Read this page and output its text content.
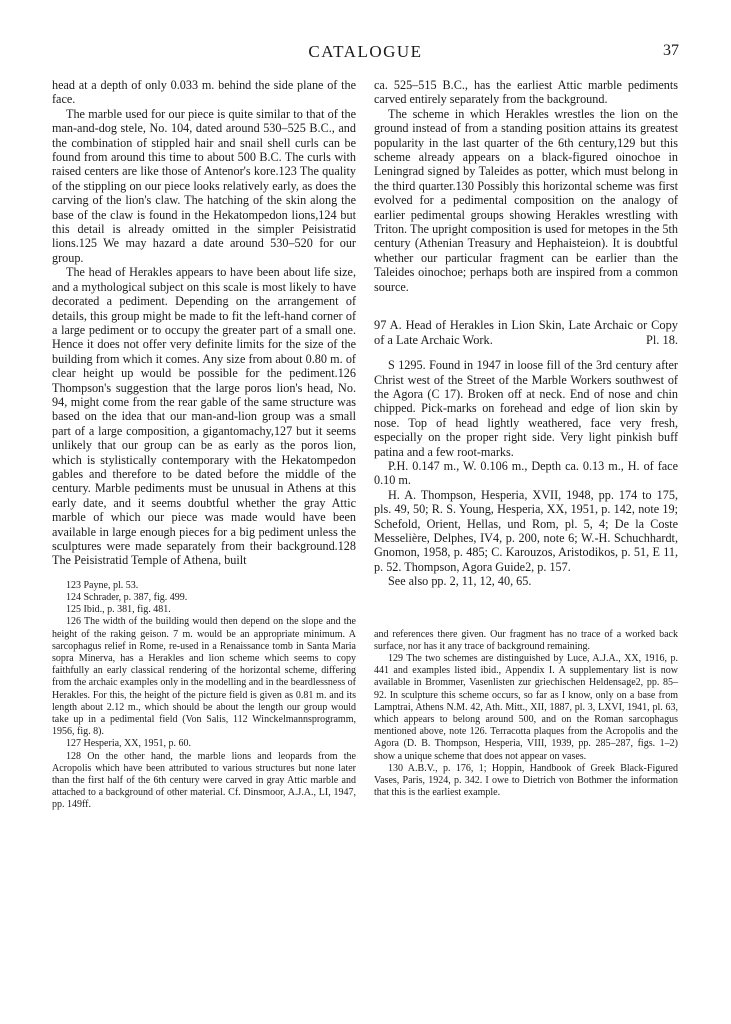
CATALOGUE	37

head at a depth of only 0.033 m. behind the side plane of the face.

The marble used for our piece is quite similar to that of the man-and-dog stele, No. 104, dated around 530–525 B.C., and the combination of stippled hair and snail shell curls can be found from around this time to about 500 B.C. The curls with raised centers are like those of Antenor's kore.123 The quality of the stippling on our piece looks relatively early, as does the carving of the lion's claw. The hatching of the skin along the base of the claw is found in the Hekatompedon lions,124 but this detail is already omitted in the simpler Peisistratid lions.125 We may hazard a date around 530–520 for our group.

The head of Herakles appears to have been about life size, and a mythological subject on this scale is most likely to have decorated a pediment. Depending on the arrangement of details, this group might be made to fit the left-hand corner of a large pediment or to occupy the greater part of a small one. Hence it does not offer very definite limits for the size of the building from which it comes. Any size from about 0.80 m. of clear height up would be possible for the pediment.126 Thompson's suggestion that the large poros lion's head, No. 94, might come from the rear gable of the same structure was based on the idea that our man-and-lion group was a small part of a large composition, a gigantomachy,127 but it seems unlikely that our group can be as early as the poros lion, which is stylistically contemporary with the Hekatompedon gables and therefore to be dated before the middle of the century. Marble pediments must be unusual in Athens at this early date, and it seems doubtful whether the gray Attic marble of which our piece was made would have been available in large enough pieces for a big pediment unless the sculptures were made separately from their background.128 The Peisistratid Temple of Athena, built

123 Payne, pl. 53.

124 Schrader, p. 387, fig. 499.

125 Ibid., p. 381, fig. 481.

126 The width of the building would then depend on the slope and the height of the raking geison. 7 m. would be an appropriate minimum. A sarcophagus relief in Rome, re-used in a Renaissance tomb in Santa Maria sopra Minerva, has a Herakles and lion scheme which seems to copy faithfully an early classical rendering of the horizontal scheme, differing from the archaic examples only in the modelling and in the beardlessness of Herakles. For this, the height of the picture field is given as 0.81 m. and its length about 2.12 m., which should be about the length our group would take up in a pedimental field (Von Salis, 112 Winckelmannsprogramm, 1956, fig. 8).

127 Hesperia, XX, 1951, p. 60.

128 On the other hand, the marble lions and leopards from the Acropolis which have been attributed to various structures but none later than the first half of the 6th century were carved in gray Attic marble and attached to a background of other material. Cf. Dinsmoor, A.J.A., LI, 1947, pp. 149ff.

ca. 525–515 B.C., has the earliest Attic marble pediments carved entirely separately from the background.

The scheme in which Herakles wrestles the lion on the ground instead of from a standing position attains its greatest popularity in the last quarter of the 6th century,129 but this scheme already appears on a black-figured oinochoe in Leningrad signed by Taleides as potter, which must belong in the third quarter.130 Possibly this horizontal scheme was first evolved for a pedimental composition on the analogy of earlier pedimental groups showing Herakles wrestling with Triton. The upright composition is used for metopes in the 5th century (Athenian Treasury and Hephaisteion). It is doubtful whether our particular fragment can be earlier than the Taleides oinochoe; perhaps both are inspired from a common source.

97 A. Head of Herakles in Lion Skin, Late Archaic or Copy of a Late Archaic Work.	Pl. 18.

S 1295. Found in 1947 in loose fill of the 3rd century after Christ west of the Street of the Marble Workers southwest of the Agora (C 17). Broken off at neck. End of nose and chin chipped. Pick-marks on forehead and edge of lion skin by nose. Top of head lightly weathered, face very fresh, especially on the proper right side. Very light pinkish buff patina and a few root-marks.

P.H. 0.147 m., W. 0.106 m., Depth ca. 0.13 m., H. of face 0.10 m.

H. A. Thompson, Hesperia, XVII, 1948, pp. 174 to 175, pls. 49, 50; R. S. Young, Hesperia, XX, 1951, p. 142, note 19; Schefold, Orient, Hellas, und Rom, pl. 5, 4; De la Coste Messelière, Delphes, IV4, p. 200, note 6; W.-H. Schuchhardt, Gnomon, 1958, p. 485; C. Karouzos, Aristodikos, p. 51, E 11, p. 52. Thompson, Agora Guide2, p. 157.

See also pp. 2, 11, 12, 40, 65.

and references there given. Our fragment has no trace of a worked back surface, nor has it any trace of background remaining.

129 The two schemes are distinguished by Luce, A.J.A., XX, 1916, p. 441 and examples listed ibid., Appendix I. A supplementary list is now available in Brommer, Vasenlisten zur griechischen Heldensage2, pp. 85–92. In sculpture this scheme occurs, so far as I know, only on a base from Lamptrai, Athens N.M. 42, Ath. Mitt., XII, 1887, pl. 3, LXVI, 1941, pl. 63, which appears to belong around 500, and on the Roman sarcophagus mentioned above, note 126. Terracotta plaques from the Acropolis and the Agora (D. B. Thompson, Hesperia, VIII, 1939, pp. 285–287, figs. 1–2) show a unique scheme that does not appear on vases.

130 A.B.V., p. 176, 1; Hoppin, Handbook of Greek Black-Figured Vases, Paris, 1924, p. 342. I owe to Dietrich von Bothmer the information that this is the earliest example.
